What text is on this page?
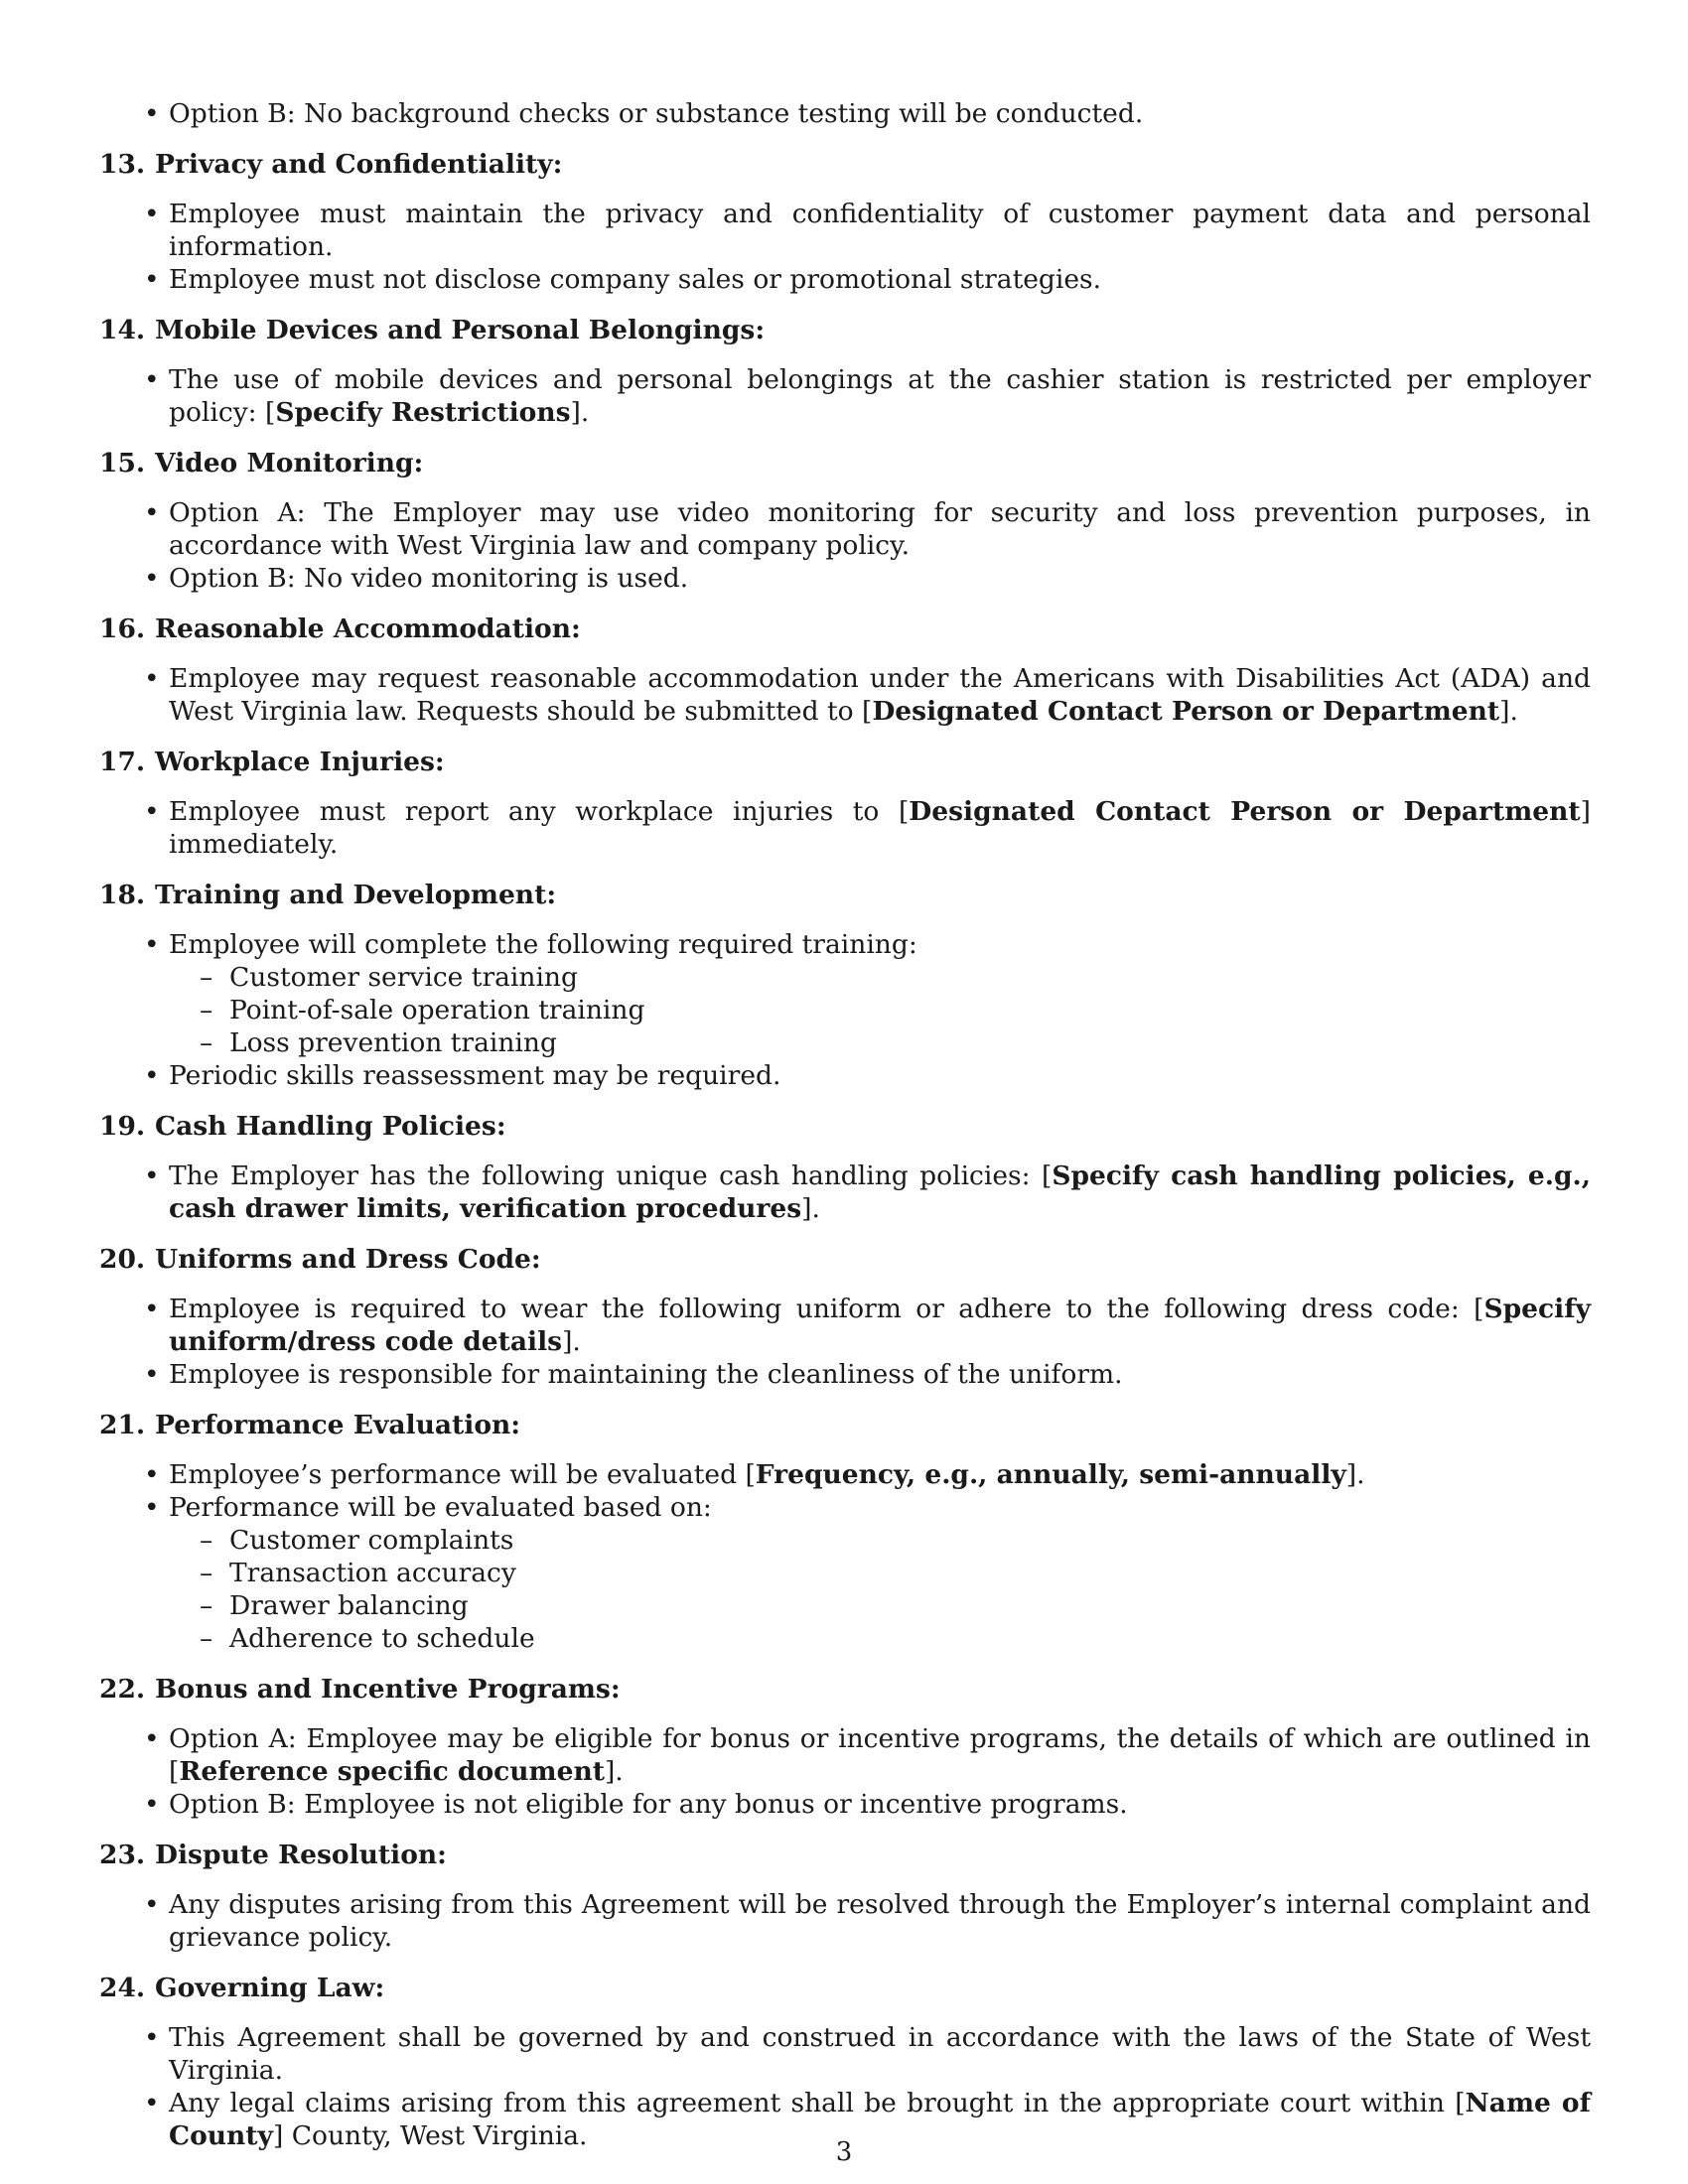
• Option B: No background checks or substance testing will be conducted.
13. Privacy and Confidentiality:
• Employee must maintain the privacy and confidentiality of customer payment data and personal information.
• Employee must not disclose company sales or promotional strategies.
14. Mobile Devices and Personal Belongings:
• The use of mobile devices and personal belongings at the cashier station is restricted per employer policy: [Specify Restrictions].
15. Video Monitoring:
• Option A: The Employer may use video monitoring for security and loss prevention purposes, in accordance with West Virginia law and company policy.
• Option B: No video monitoring is used.
16. Reasonable Accommodation:
• Employee may request reasonable accommodation under the Americans with Disabilities Act (ADA) and West Virginia law. Requests should be submitted to [Designated Contact Person or Department].
17. Workplace Injuries:
• Employee must report any workplace injuries to [Designated Contact Person or Department] immediately.
18. Training and Development:
• Employee will complete the following required training:
– Customer service training
– Point-of-sale operation training
– Loss prevention training
• Periodic skills reassessment may be required.
19. Cash Handling Policies:
• The Employer has the following unique cash handling policies: [Specify cash handling policies, e.g., cash drawer limits, verification procedures].
20. Uniforms and Dress Code:
• Employee is required to wear the following uniform or adhere to the following dress code: [Specify uniform/dress code details].
• Employee is responsible for maintaining the cleanliness of the uniform.
21. Performance Evaluation:
• Employee’s performance will be evaluated [Frequency, e.g., annually, semi-annually].
• Performance will be evaluated based on:
– Customer complaints
– Transaction accuracy
– Drawer balancing
– Adherence to schedule
22. Bonus and Incentive Programs:
• Option A: Employee may be eligible for bonus or incentive programs, the details of which are outlined in [Reference specific document].
• Option B: Employee is not eligible for any bonus or incentive programs.
23. Dispute Resolution:
• Any disputes arising from this Agreement will be resolved through the Employer’s internal complaint and grievance policy.
24. Governing Law:
• This Agreement shall be governed by and construed in accordance with the laws of the State of West Virginia.
• Any legal claims arising from this agreement shall be brought in the appropriate court within [Name of County] County, West Virginia.
3
